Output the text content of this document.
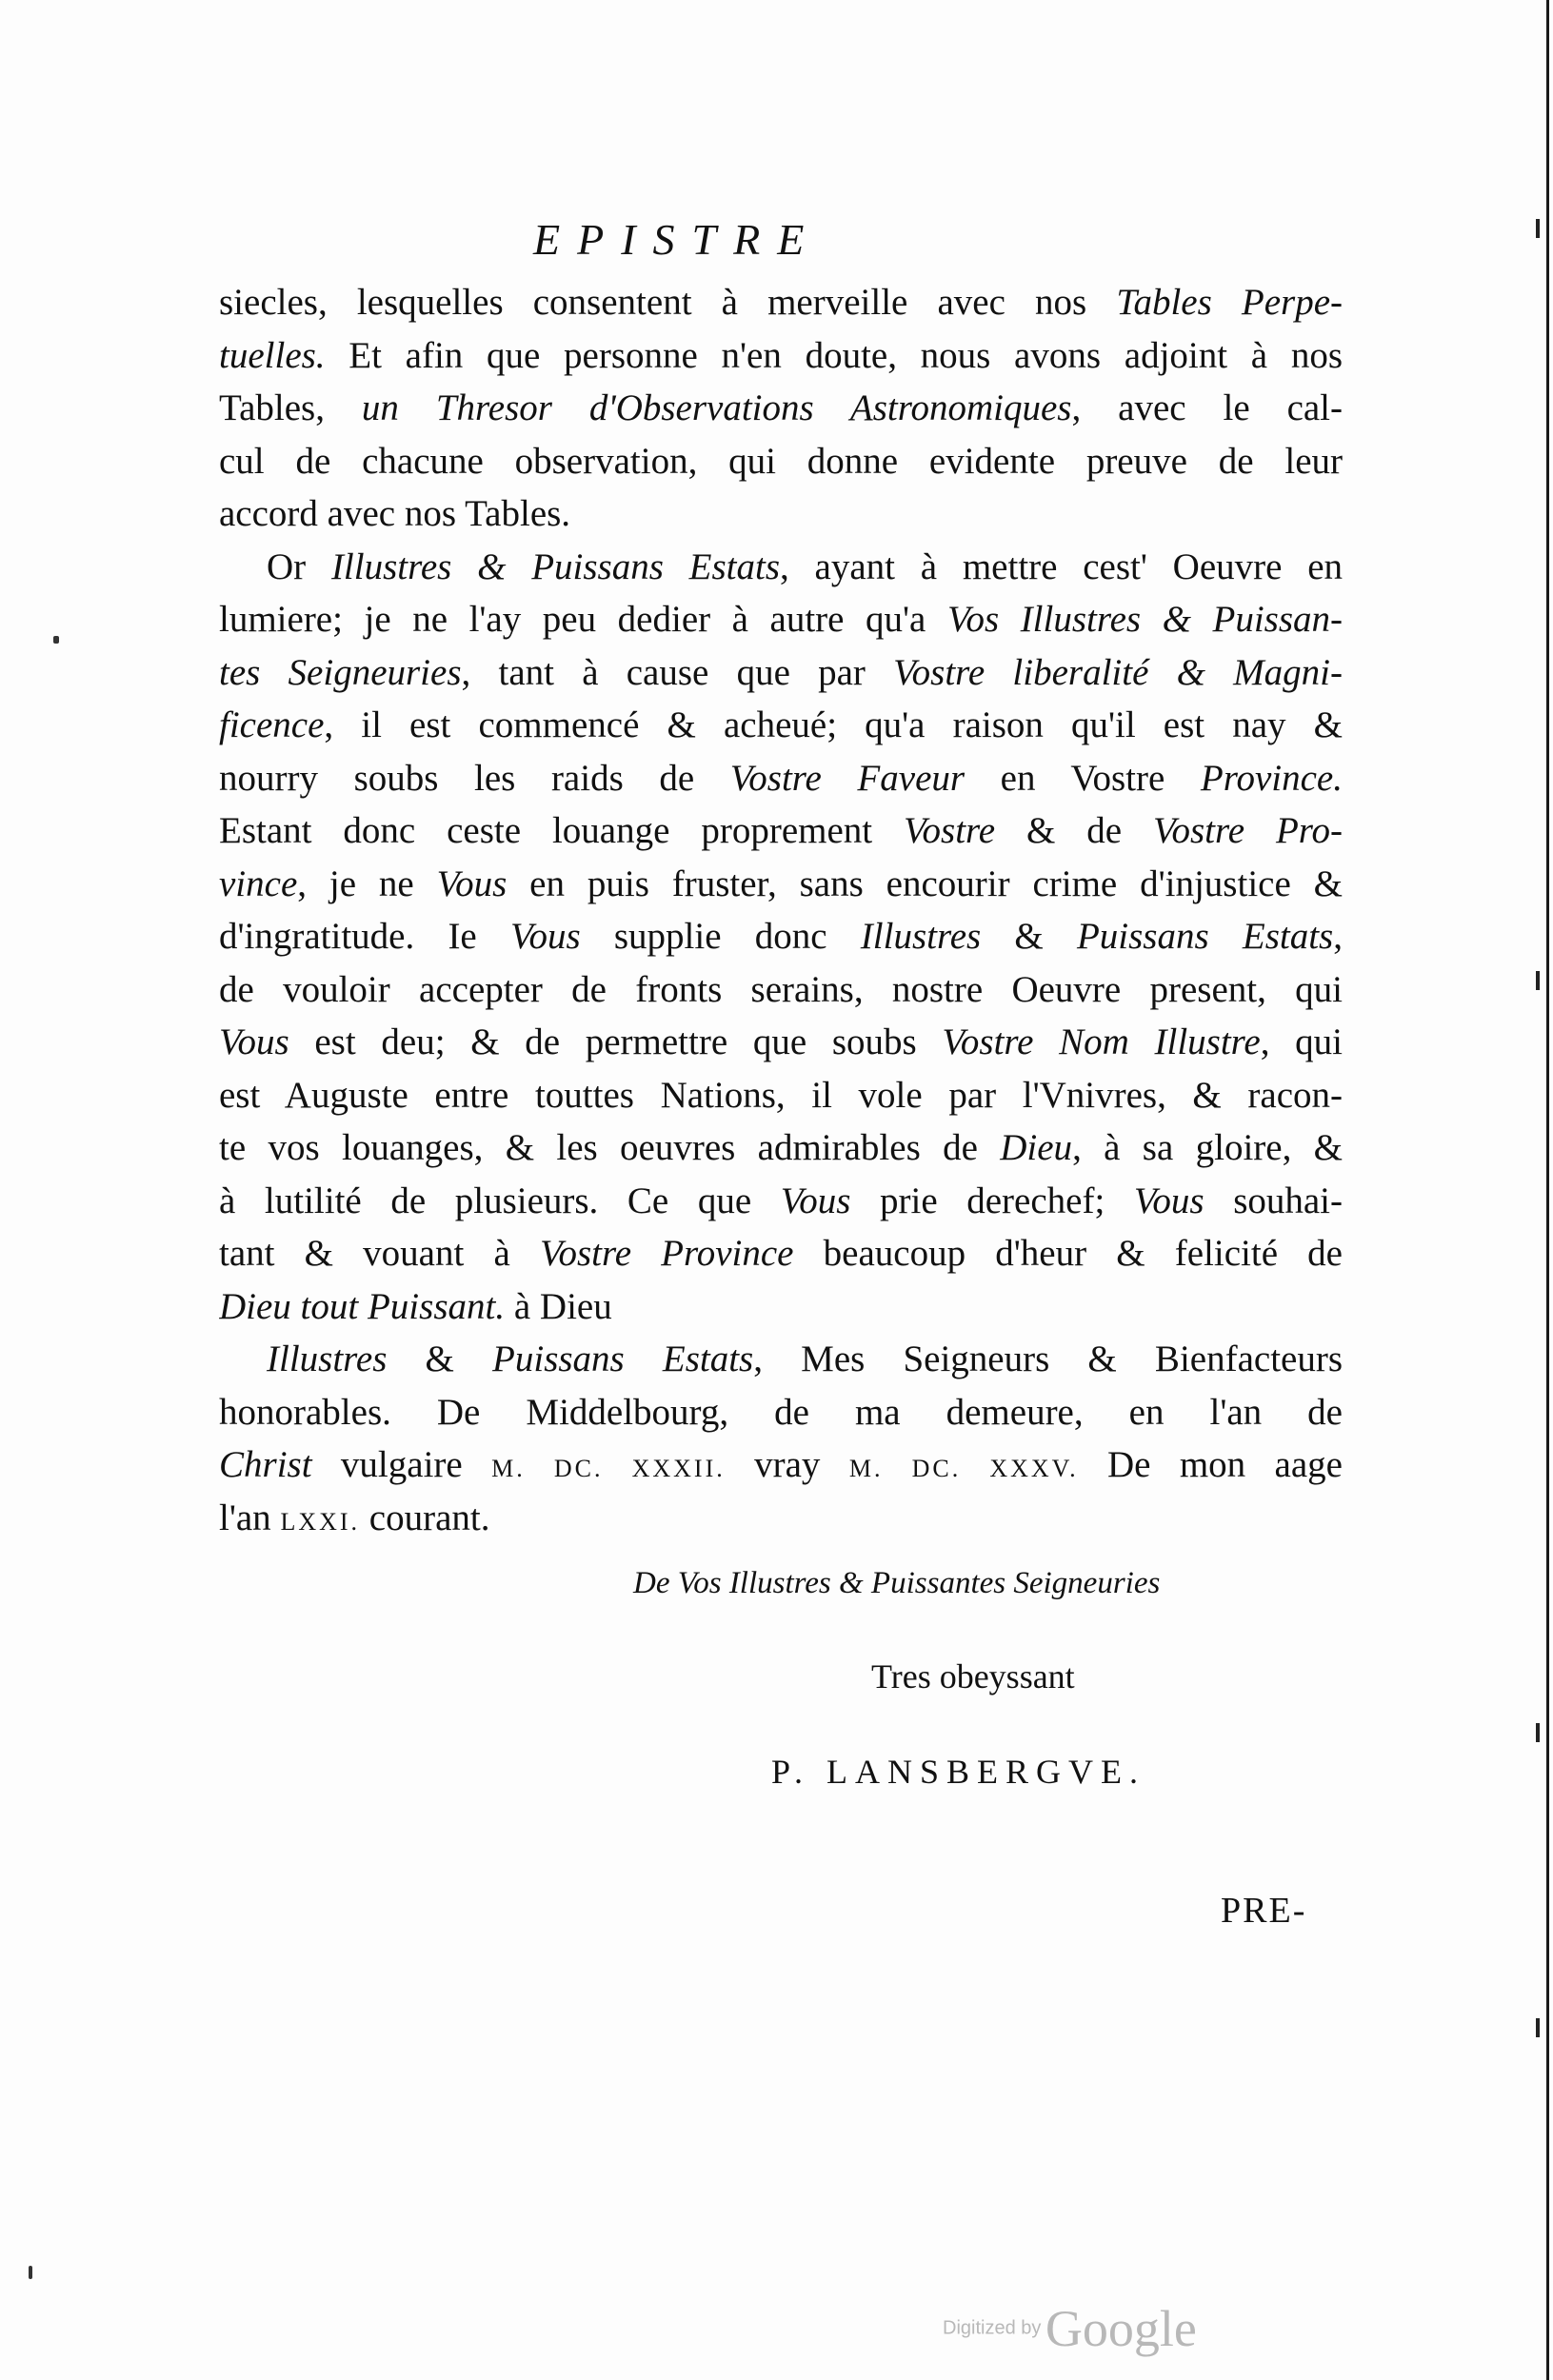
EPISTRE
siecles, lesquelles consentent à merveille avec nos Tables Perpe-
tuelles. Et afin que personne n'en doute, nous avons adjoint à nos
Tables, un Thresor d'Observations Astronomiques, avec le cal-
cul de chacune observation, qui donne evidente preuve de leur
accord avec nos Tables.
Or Illustres & Puissans Estats, ayant à mettre cest' Oeuvre en
lumiere; je ne l'ay peu dedier à autre qu'a Vos Illustres & Puissan-
tes Seigneuries, tant à cause que par Vostre liberalité & Magni-
ficence, il est commencé & acheué; qu'a raison qu'il est nay &
nourry soubs les raids de Vostre Faveur en Vostre Province.
Estant donc ceste louange proprement Vostre & de Vostre Pro-
vince, je ne Vous en puis fruster, sans encourir crime d'injustice &
d'ingratitude. Ie Vous supplie donc Illustres & Puissans Estats,
de vouloir accepter de fronts serains, nostre Oeuvre present, qui
Vous est deu; & de permettre que soubs Vostre Nom Illustre, qui
est Auguste entre touttes Nations, il vole par l'Vnivres, & racon-
te vos louanges, & les oeuvres admirables de Dieu, à sa gloire, &
à lutilité de plusieurs. Ce que Vous prie derechef; Vous souhai-
tant & vouant à Vostre Province beaucoup d'heur & felicité de
Dieu tout Puissant. à Dieu
Illustres & Puissans Estats, Mes Seigneurs & Bienfacteurs
honorables. De Middelbourg, de ma demeure, en l'an de
Christ vulgaire M. DC. XXXII. vray M. DC. XXXV. De mon aage
l'an LXXI. courant.
De Vos Illustres & Puissantes Seigneuries
Tres obeyssant
P. LANSBERGVE.
PRE-
Digitized by Google
